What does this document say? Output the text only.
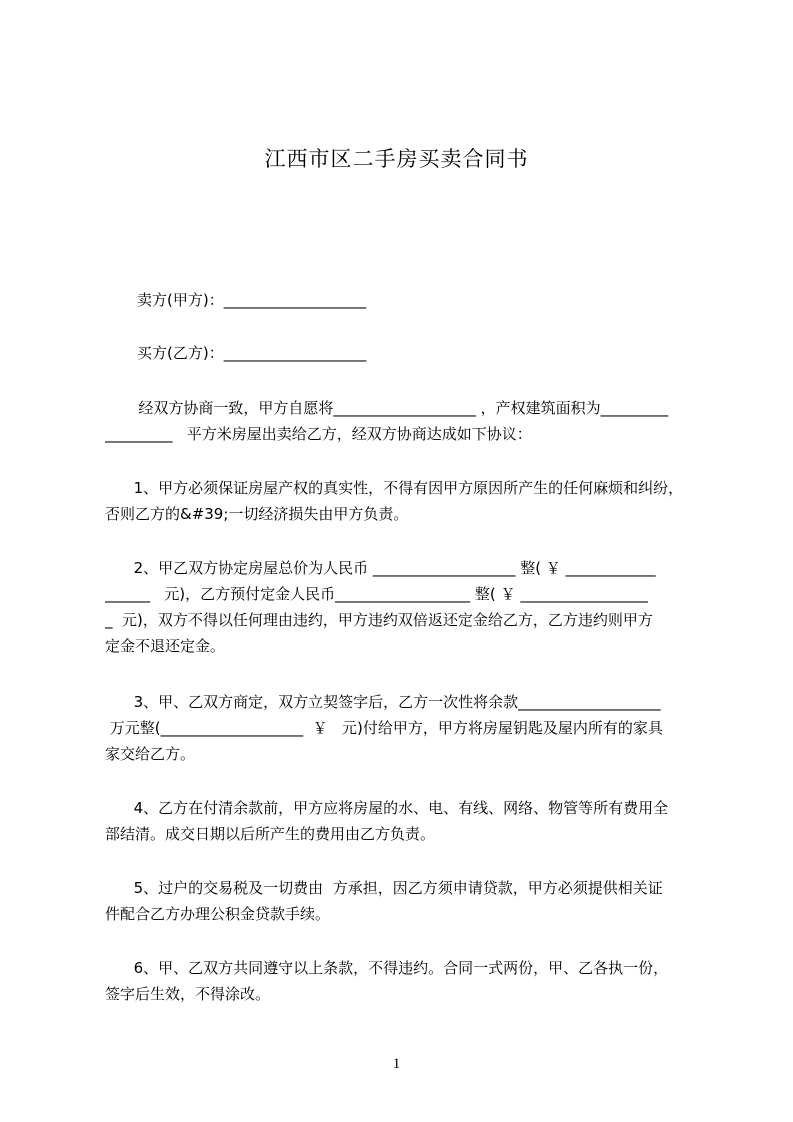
江西市区二手房买卖合同书
卖方(甲方)：___________________
买方(乙方)：___________________
经双方协商一致，甲方自愿将___________________ ，产权建筑面积为_________
_________   平方米房屋出卖给乙方，经双方协商达成如下协议：
1、甲方必须保证房屋产权的真实性，不得有因甲方原因所产生的任何麻烦和纠纷，
否则乙方的&#39;一切经济损失由甲方负责。
2、甲乙双方协定房屋总价为人民币 ___________________ 整( ￥ ____________
______   元)，乙方预付定金人民币__________________ 整( ￥ _________________
_  元)，双方不得以任何理由违约，甲方违约双倍返还定金给乙方，乙方违约则甲方
定金不退还定金。
3、甲、乙双方商定，双方立契签字后，乙方一次性将余款___________________
万元整(___________________  ￥   元)付给甲方，甲方将房屋钥匙及屋内所有的家具
家交给乙方。
4、乙方在付清余款前，甲方应将房屋的水、电、有线、网络、物管等所有费用全
部结清。成交日期以后所产生的费用由乙方负责。
5、过户的交易税及一切费由  方承担，因乙方须申请贷款，甲方必须提供相关证
件配合乙方办理公积金贷款手续。
6、甲、乙双方共同遵守以上条款，不得违约。合同一式两份，甲、乙各执一份，
签字后生效，不得涂改。
1
